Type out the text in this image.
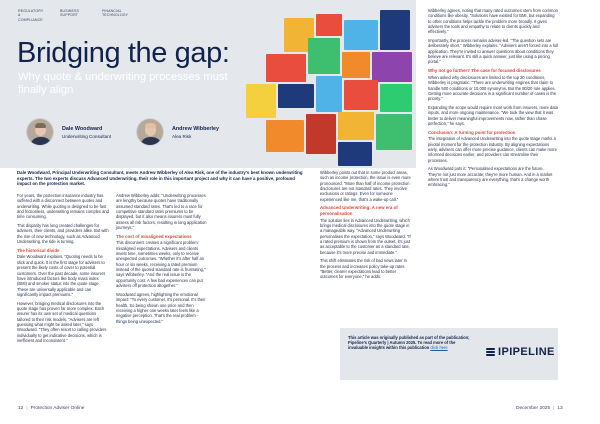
REGULATORY & COMPLIANCE
BUSINESS SUPPORT
FINANCIAL TECHNOLOGY
Bridging the gap:
Why quote & underwriting processes must finally align
Dale Woodward
Underwriting Consultant
Andrew Wibberley
Alea Risk
Dale Woodward, Principal Underwriting Consultant, meets Andrew Wibberley of Alea Risk, one of the industry's best known underwriting experts. The two experts discuss Advanced Underwriting, their role in this important project and why it can have a positive, profound impact on the protection market.

For years, the protection insurance industry has suffered with a disconnect between quotes and underwriting. While quoting is designed to be fast and frictionless, underwriting remains complex and time consuming.

This disparity has long created challenges for advisers, their clients, and providers alike. But with the rise of new technology, such as Advanced Underwriting, the tide is turning.

The historical divide

Dale Woodward explains, "Quoting needs to be slick and quick. It is the first stage for advisers to present the likely costs of cover to potential customers. Over the past decade, some insurers have introduced factors like body mass index (BMI) and smoker status into the quote stage. These are universally applicable and can significantly impact premiums."

However, bringing medical disclosures into the quote stage has proven far more complex. Each insurer has its own set of medical questions tailored to their risk models. "Advisers are left guessing what might be asked later," says Woodward. "They often resort to calling providers individually to get indicative decisions, which is inefficient and inconsistent."

Andrew Wibberley adds: "Underwriting processes are lengthy because quotes have traditionally assumed standard rates. That's led to a race for competitive standard rates premiums to be displayed, but it also means insurers must fully assess all risk factors, resulting in long application journeys."

The cost of misaligned expectations

This disconnect creates a significant problem: misaligned expectations. Advisers and clients invest time, sometimes weeks, only to receive unexpected outcomes. "Whether it's after half an hour or six weeks, receiving a rated premium instead of the quoted standard rate is frustrating," says Wibberley. "And the real issue is the opportunity cost. A few bad experiences can put advisers off protection altogether."

Woodward agrees, highlighting the emotional impact: "To every customer, it's personal. It's their health. So being shown one price and then receiving a higher one weeks later feels like a negative perception. That's the real problem - things being unexpected."

Wibberley points out that in some product areas, such as income protection, the issue is even more pronounced. "More than half of income protection disclosures are not standard rates. They involve exclusions or ratings. Even for someone experienced like me, that's a wake-up call."

Advanced Underwriting: A new era of personalisation

The solution lies in Advanced Underwriting, which brings medical disclosures into the quote stage in a manageable way. "Advanced Underwriting personalises the expectation," says Woodward. "If a rated premium is shown from the outset, it's just as acceptable to the customer as a standard rate, because it's more precise and immediate."

This shift eliminates the risk of bad news later in the process and increases policy take-up rates. "Better, clearer expectations lead to better outcomes for everyone," he adds.

Wibberley agrees, noting that many rated outcomes stem from common conditions like obesity. "Solutions have existed for BMI, but expanding to other conditions helps tackle the problem more broadly. It gives advisers the tools and empathy to relate to clients quickly and effectively."

Importantly, the process remains adviser-led. "The question sets are deliberately short," Wibberley explains. "Advisers aren't forced into a full application. They're invited to answer questions about conditions they believe are relevant. It's still a quick answer, just like using a pricing portal."

Why not go further? The case for focused disclosures

When asked why disclosures are limited to the top 20 conditions, Wibberley is pragmatic: "There are underwriting engines that claim to handle 500 conditions or 10,000 synonyms. But the 80/20 rule applies. Getting more accurate decisions in a significant number of cases is the priority."

Expanding the scope would require more work from insurers, more data inputs, and more ongoing maintenance. "We took the view that it was better to deliver meaningful improvements now, rather than chase perfection," he says.

Conclusion: A turning point for protection

The integration of Advanced Underwriting into the quote stage marks a pivotal moment for the protection industry. By aligning expectations early, advisers can offer more precise guidance, clients can make more informed decisions earlier, and providers can streamline their processes.

As Woodward puts it: "Personalised expectations are the future. They're not just more accurate; they're more human. And in a market where trust and transparency are everything, that's a change worth embracing."

This article was originally published as part of the publication; Pipeline's Quarterly | Autumn 2025. To read more of the invaluable insights within this publication click here	IPIPELINE
12 | Protection Adviser Online	December 2025 | 13
